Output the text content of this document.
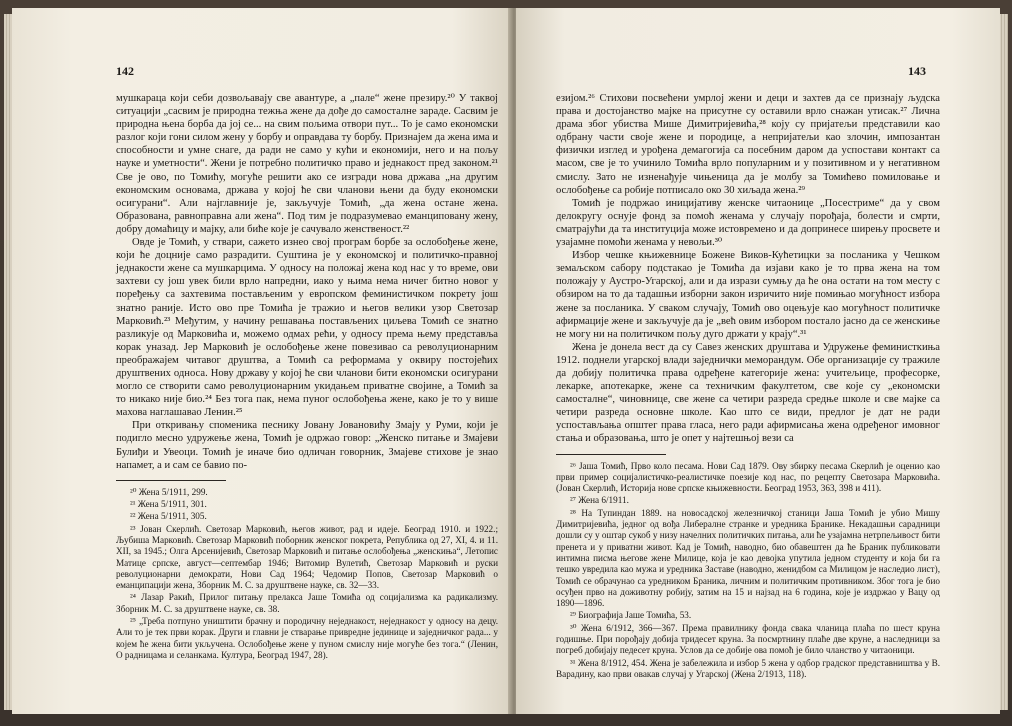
142

мушкараца који себи дозвољавају све авантуре, а „пале“ жене презиру.²⁰ У таквој ситуацији „сасвим је природна тежња жене да дође до самосталне зараде. Сасвим је природна њена борба да јој се... на свим пољима отвори пут... То је само економски разлог који гони силом жену у борбу и оправдава ту борбу. Признајем да жена има и способности и умне снаге, да ради не само у кући и економији, него и на пољу науке и уметности“. Жени је потребно политичко право и једнакост пред законом.²¹ Све је ово, по Томићу, могуће решити ако се изгради нова држава „на другим економским основама, држава у којој ће сви чланови њени да буду економски осигурани“. Али најглавније је, закључује Томић, „да жена остане жена. Образована, равноправна али жена“. Под тим је подразумевао еманциповану жену, добру домаћицу и мајку, али биће које је сачувало женственост.²²

Овде је Томић, у ствари, сажето изнео свој програм борбе за ослобођење жене, који ће доцније само разрадити. Суштина је у економској и политичко-правној једнакости жене са мушкарцима. У односу на положај жена код нас у то време, ови захтеви су још увек били врло напредни, иако у њима нема ничег битно новог у поређењу са захтевима постављеним у европском феминистичком покрету још знатно раније. Исто ово пре Томића је тражио и његов велики узор Светозар Марковић.²³ Међутим, у начину решавања постављених циљева Томић се знатно разликује од Марковића и, можемо одмах рећи, у односу према њему представља корак уназад. Јер Марковић је ослобођење жене повезивао са револуционарним преображајем читавог друштва, а Томић са реформама у оквиру постојећих друштвених односа. Нову државу у којој ће сви чланови бити економски осигурани могло се створити само револуционарним укидањем приватне својине, а Томић за то никако није био.²⁴ Без тога пак, нема пуног ослобођења жене, како је то у више махова наглашавао Ленин.²⁵

При откривању споменика песнику Јовану Јовановићу Змају у Руми, који је подигло месно удружење жена, Томић је одржао говор: „Женско питање и Змајеви Булиђи и Увеоци. Томић је иначе био одличан говорник, Змајеве стихове је знао напамет, а и сам се бавио по-

²⁰ Жена 5/1911, 299.

²¹ Жена 5/1911, 301.

²² Жена 5/1911, 305.

²³ Јован Скерлић. Светозар Марковић, његов живот, рад и идеје. Београд 1910. и 1922.; Љубиша Марковић. Светозар Марковић поборник женског покрета, Република од 27, XI, 4. и 11. XII, за 1945.; Олга Арсенијевић, Светозар Марковић и питање ослобођења „женскиња“, Летопис Матице српске, август—септембар 1946; Витомир Вулетић, Светозар Марковић и руски револуционарни демократи, Нови Сад 1964; Чедомир Попов, Светозар Марковић о еманципацији жена, Зборник М. С. за друштвене науке, св. 32—33.

²⁴ Лазар Ракић, Прилог питању прелакса Јаше Томића од социјализма ка радикализму. Зборник М. С. за друштвене науке, св. 38.

²⁵ „Треба потпуно уништити брачну и породичну неједнакост, неједнакост у односу на децу. Али то је тек први корак. Други и главни је стварање привредне јединице и заједничког рада... у којем ће жена бити укључена. Ослобођење жене у пуном смислу није могуће без тога.“ (Ленин, О радницама и селанкама. Култура, Београд 1947, 28).

143

езијом.²⁶ Стихови посвећени умрлој жени и деци и захтев да се признају људска права и достојанство мајке на присутне су оставили врло снажан утисак.²⁷ Лична драма због убиства Мише Димитријевића,²⁸ коју су пријатељи представили као одбрану части своје жене и породице, а непријатељи као злочин, импозантан физички изглед и урођена демагогија са посебним даром да успостави контакт са масом, све је то учинило Томића врло популарним и у позитивном и у негативном смислу. Зато не изненађује чињеница да је молбу за Томићево помиловање и ослобођење са робије потписало око 30 хиљада жена.²⁹

Томић је подржао иницијативу женске читаонице „Посестриме“ да у свом делокругу оснује фонд за помоћ женама у случају порођаја, болести и смрти, сматрајући да та институција може истовремено и да допринесе ширењу просвете и узајамне помоћи женама у невољи.³⁰

Избор чешке књижевнице Божене Виков-Кућетицки за посланика у Чешком земаљском сабору подстакао је Томића да изјави како је то прва жена на том положају у Аустро-Угарској, али и да изрази сумњу да ће она остати на том месту с обзиром на то да тадашњи изборни закон изричито није помињао могућност избора жене за посланика. У сваком случају, Томић ово оцењује као могућност политичке афирмације жене и закључује да је „већ овим избором постало јасно да се женскиње не могу ни на политичком пољу дуго држати у крају“.³¹

Жена је донела вест да су Савез женских друштава и Удружење феминисткиња 1912. поднели угарској влади заједнички меморандум. Обе организације су тражиле да добију политичка права одређене категорије жена: учитељице, професорке, лекарке, апотекарке, жене са техничким факултетом, све које су „економски самосталне“, чиновнице, све жене са четири разреда средње школе и све мајке са четири разреда основне школе. Као што се види, предлог је дат не ради успостављања општег права гласа, него ради афирмисања жена одређеног имовног стања и образовања, што је опет у најтешњој вези са

²⁶ Јаша Томић, Прво коло песама. Нови Сад 1879. Ову збирку песама Скерлић је оценио као први пример социјалистичко-реалистичке поезије код нас, по рецепту Светозара Марковића. (Јован Скерлић, Историја нове српске књижевности. Београд 1953, 363, 398 и 411).

²⁷ Жена 6/1911.

²⁸ На Тупиндан 1889. на новосадској железничкој станици Јаша Томић је убио Мишу Димитријевића, једног од вођа Либералне странке и уредника Бранике. Некадашњи сарадници дошли су у оштар сукоб у низу начелних политичких питања, али ће узајамна нетрпељивост бити пренета и у приватни живот. Кад је Томић, наводно, био обавештен да ће Браник публиковати интимна писма његове жене Милице, која је као девојка упутила једном студенту и која би га тешко увредила као мужа и уредника Заставе (наводно, женидбом са Милицом је наследио лист), Томић се обрачунао са уредником Браника, личним и политичким противником. Због тога је био осуђен прво на доживотну робију, затим на 15 и најзад на 6 година, које је издржао у Вацу од 1890—1896.

²⁹ Биографија Јаше Томића, 53.

³⁰ Жена 6/1912, 366—367. Према правилнику фонда свака чланица плаћа по шест круна годишње. При порођају добија тридесет круна. За посмртнину плаће две круне, а наследници за погреб добијају педесет круна. Услов да се добије ова помоћ је било чланство у читаоници.

³¹ Жена 8/1912, 454. Жена је забележила и избор 5 жена у одбор градског представништва у В. Варадину, као први овакав случај у Угарској (Жена 2/1913, 118).
